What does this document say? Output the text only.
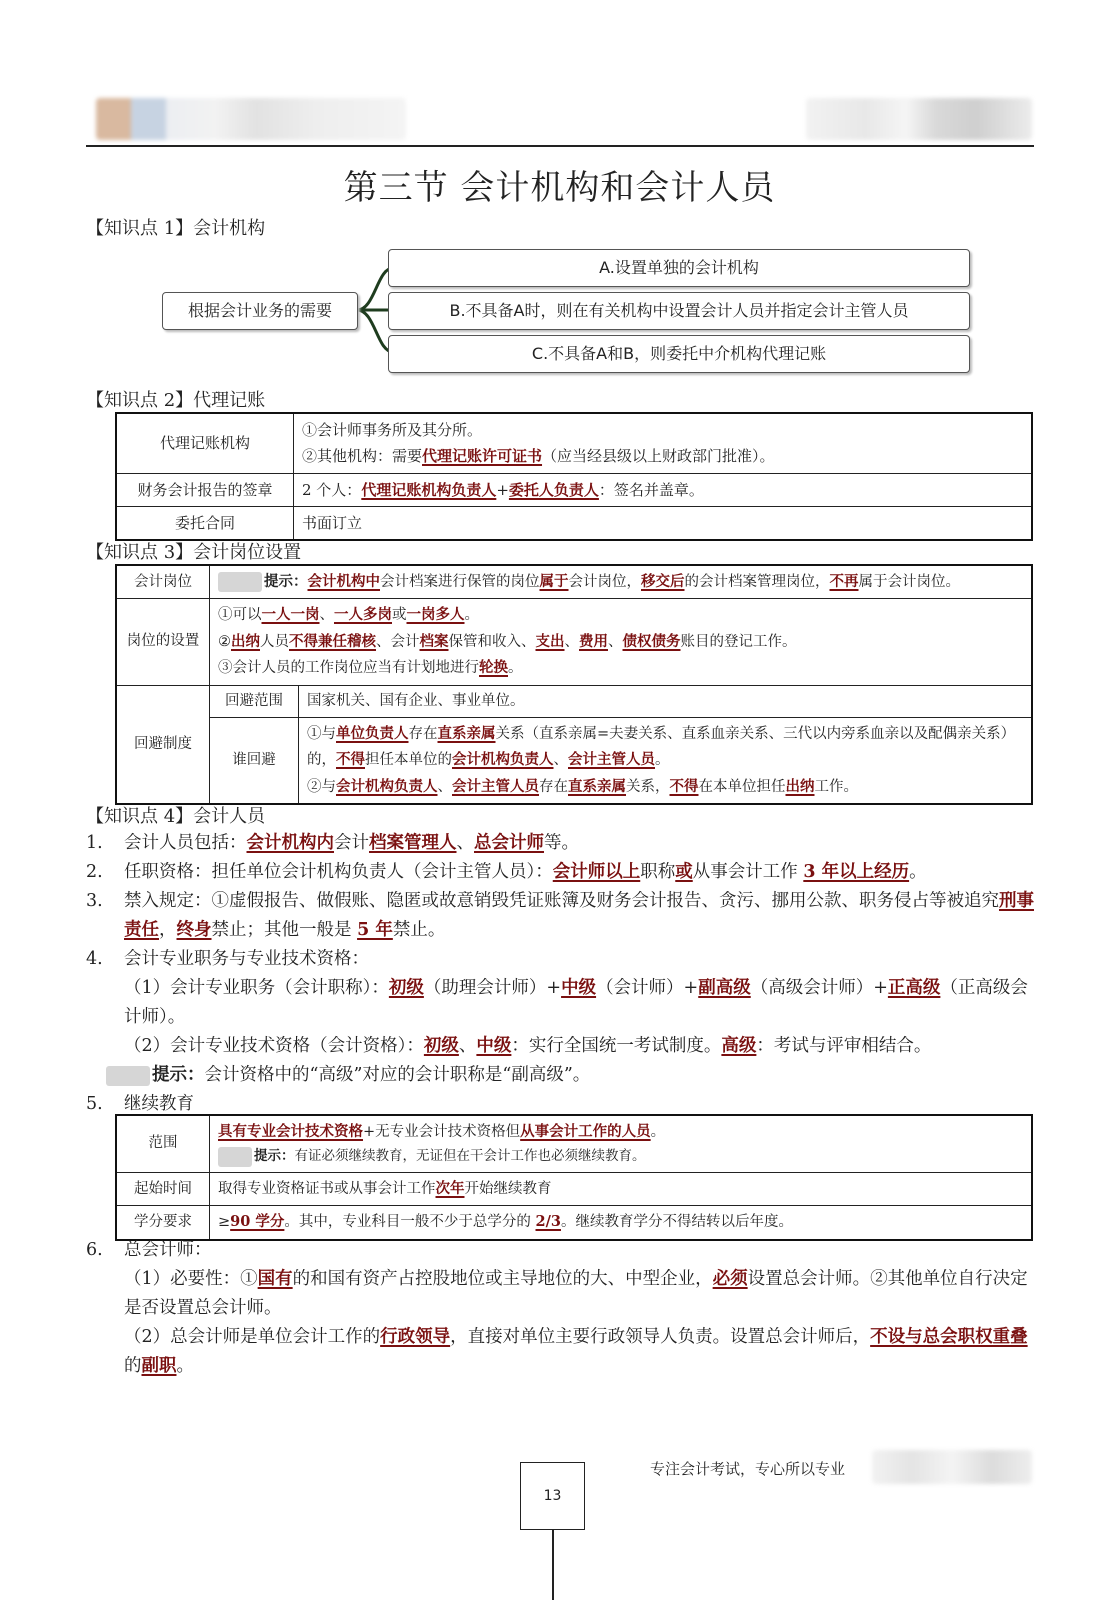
第三节 会计机构和会计人员
【知识点 1】会计机构
根据会计业务的需要
A.设置单独的会计机构
B.不具备A时，则在有关机构中设置会计人员并指定会计主管人员
C.不具备A和B，则委托中介机构代理记账
【知识点 2】代理记账
代理记账机构	①会计师事务所及其分所。
②其他机构：需要代理记账许可证书（应当经县级以上财政部门批准）。

财务会计报告的签章	2 个人：代理记账机构负责人+委托人负责人：签名并盖章。
委托合同	书面订立
【知识点 3】会计岗位设置
会计岗位	提示：会计机构中会计档案进行保管的岗位属于会计岗位，移交后的会计档案管理岗位，不再属于会计岗位。	
岗位的设置	①可以一人一岗、一人多岗或一岗多人。
②出纳人员不得兼任稽核、会计档案保管和收入、支出、费用、债权债务账目的登记工作。
③会计人员的工作岗位应当有计划地进行轮换。	

回避制度	回避范围	国家机关、国有企业、事业单位。
	谁回避	①与单位负责人存在直系亲属关系（直系亲属=夫妻关系、直系血亲关系、三代以内旁系血亲以及配偶亲关系）的，不得担任本单位的会计机构负责人、会计主管人员。
②与会计机构负责人、会计主管人员存在直系亲属关系，不得在本单位担任出纳工作。
【知识点 4】会计人员
1. 会计人员包括：会计机构内会计档案管理人、总会计师等。
2. 任职资格：担任单位会计机构负责人（会计主管人员）：会计师以上职称或从事会计工作 3 年以上经历。
3. 禁入规定：①虚假报告、做假账、隐匿或故意销毁凭证账簿及财务会计报告、贪污、挪用公款、职务侵占等被追究刑事责任，终身禁止；其他一般是 5 年禁止。
4. 会计专业职务与专业技术资格：
（1）会计专业职务（会计职称）：初级（助理会计师）+中级（会计师）+副高级（高级会计师）+正高级（正高级会计师）。
（2）会计专业技术资格（会计资格）：初级、中级：实行全国统一考试制度。高级：考试与评审相结合。
提示：会计资格中的“高级”对应的会计职称是“副高级”。
5. 继续教育
范围	具有专业会计技术资格+无专业会计技术资格但从事会计工作的人员。
提示：有证必须继续教育，无证但在干会计工作也必须继续教育。

起始时间	取得专业资格证书或从事会计工作次年开始继续教育
学分要求	≥90 学分。其中，专业科目一般不少于总学分的 2/3。继续教育学分不得结转以后年度。
6. 总会计师：
（1）必要性：①国有的和国有资产占控股地位或主导地位的大、中型企业，必须设置总会计师。②其他单位自行决定是否设置总会计师。
（2）总会计师是单位会计工作的行政领导，直接对单位主要行政领导人负责。设置总会计师后，不设与总会职权重叠的副职。
专注会计考试，专心所以专业
13
